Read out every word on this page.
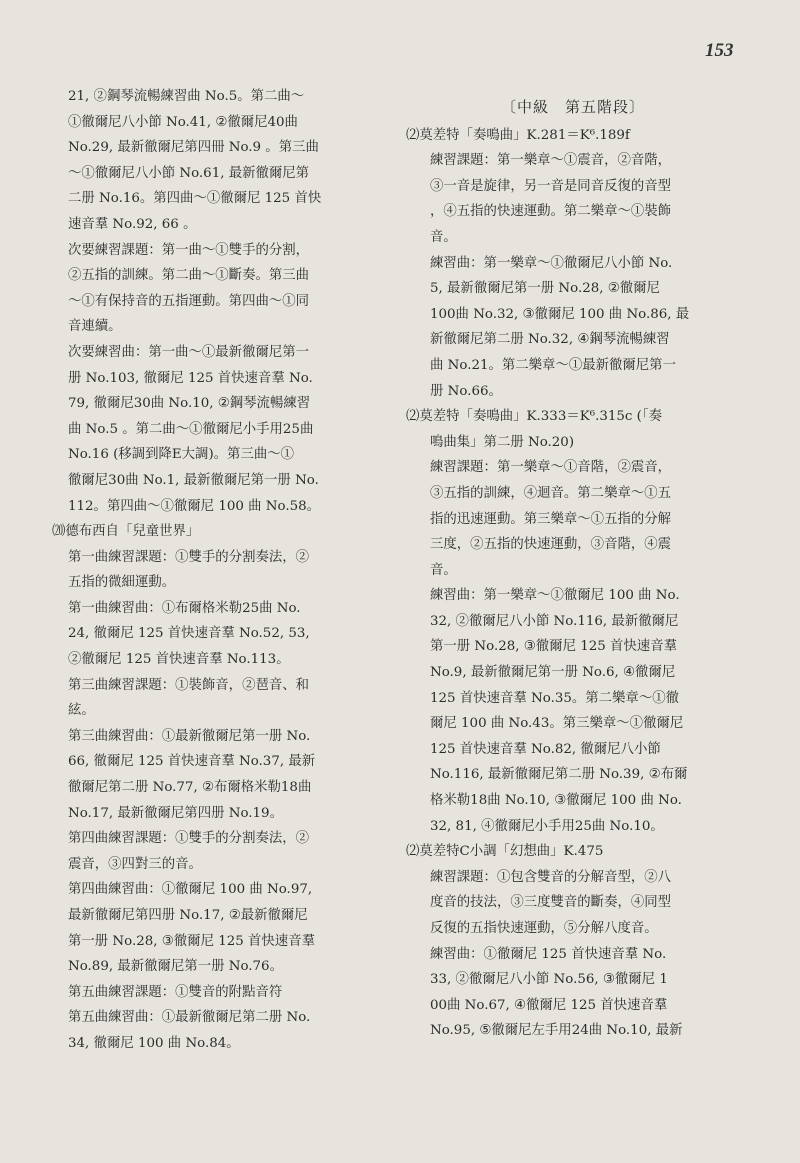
153
21, ②鋼琴流暢練習曲 No.5。第二曲～
①徹爾尼八小節 No.41, ②徹爾尼40曲
No.29, 最新徹爾尼第四冊 No.9 。第三曲
～①徹爾尼八小節 No.61, 最新徹爾尼第
二册 No.16。第四曲～①徹爾尼 125 首快
速音羣 No.92, 66 。
次要練習課題：第一曲～①雙手的分割，
②五指的訓練。第二曲～①斷奏。第三曲
～①有保持音的五指運動。第四曲～①同
音連續。
次要練習曲：第一曲～①最新徹爾尼第一
册 No.103, 徹爾尼 125 首快速音羣 No.
79, 徹爾尼30曲 No.10, ②鋼琴流暢練習
曲 No.5 。第二曲～①徹爾尼小手用25曲
No.16 (移調到降E大調)。第三曲～①
徹爾尼30曲 No.1, 最新徹爾尼第一册 No.
112。第四曲～①徹爾尼 100 曲 No.58。
⒇德布西自「兒童世界」
第一曲練習課題：①雙手的分割奏法，②
五指的微細運動。
第一曲練習曲：①布爾格米勒25曲 No.
24, 徹爾尼 125 首快速音羣 No.52, 53,
②徹爾尼 125 首快速音羣 No.113。
第三曲練習課題：①裝飾音，②琶音、和
絃。
第三曲練習曲：①最新徹爾尼第一册 No.
66, 徹爾尼 125 首快速音羣 No.37, 最新
徹爾尼第二册 No.77, ②布爾格米勒18曲
No.17, 最新徹爾尼第四册 No.19。
第四曲練習課題：①雙手的分割奏法，②
震音，③四對三的音。
第四曲練習曲：①徹爾尼 100 曲 No.97,
最新徹爾尼第四册 No.17, ②最新徹爾尼
第一册 No.28, ③徹爾尼 125 首快速音羣
No.89, 最新徹爾尼第一册 No.76。
第五曲練習課題：①雙音的附點音符
第五曲練習曲：①最新徹爾尼第二册 No.
34, 徹爾尼 100 曲 No.84。
〔中級　第五階段〕
⑵莫差特「奏鳴曲」K.281＝K⁶.189f
練習課題：第一樂章～①震音，②音階，
③一音是旋律，另一音是同音反復的音型
，④五指的快速運動。第二樂章～①裝飾
音。
練習曲：第一樂章～①徹爾尼八小節 No.
5, 最新徹爾尼第一册 No.28, ②徹爾尼
100曲 No.32, ③徹爾尼 100 曲 No.86, 最
新徹爾尼第二册 No.32, ④鋼琴流暢練習
曲 No.21。第二樂章～①最新徹爾尼第一
册 No.66。
⑵莫差特「奏鳴曲」K.333＝K⁶.315c (「奏
鳴曲集」第二册 No.20)
練習課題：第一樂章～①音階，②震音，
③五指的訓練，④迴音。第二樂章～①五
指的迅速運動。第三樂章～①五指的分解
三度，②五指的快速運動，③音階，④震
音。
練習曲：第一樂章～①徹爾尼 100 曲 No.
32, ②徹爾尼八小節 No.116, 最新徹爾尼
第一册 No.28, ③徹爾尼 125 首快速音羣
No.9, 最新徹爾尼第一册 No.6, ④徹爾尼
125 首快速音羣 No.35。第二樂章～①徹
爾尼 100 曲 No.43。第三樂章～①徹爾尼
125 首快速音羣 No.82, 徹爾尼八小節
No.116, 最新徹爾尼第二册 No.39, ②布爾
格米勒18曲 No.10, ③徹爾尼 100 曲 No.
32, 81, ④徹爾尼小手用25曲 No.10。
⑵莫差特C小調「幻想曲」K.475
練習課題：①包含雙音的分解音型，②八
度音的技法，③三度雙音的斷奏，④同型
反復的五指快速運動，⑤分解八度音。
練習曲：①徹爾尼 125 首快速音羣 No.
33, ②徹爾尼八小節 No.56, ③徹爾尼 1
00曲 No.67, ④徹爾尼 125 首快速音羣
No.95, ⑤徹爾尼左手用24曲 No.10, 最新
